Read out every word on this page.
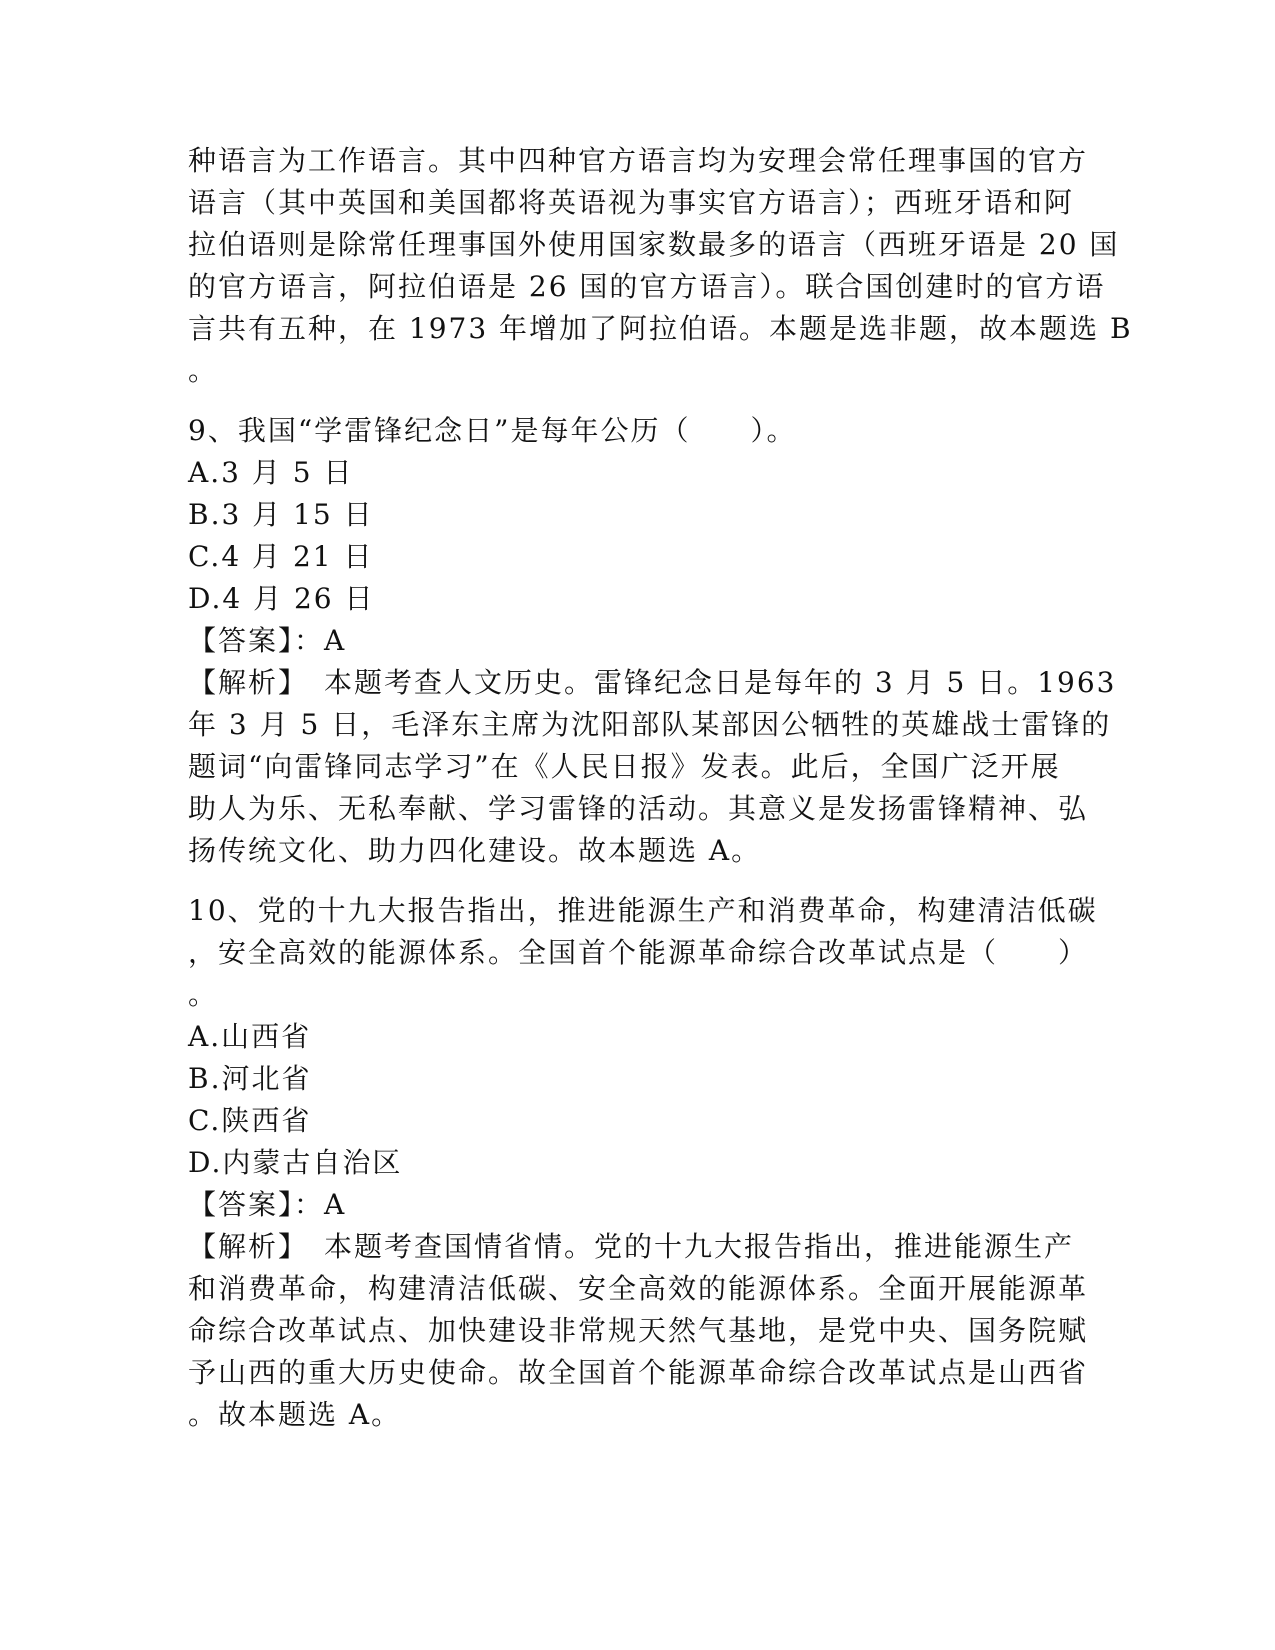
种语言为工作语言。其中四种官方语言均为安理会常任理事国的官方
语言（其中英国和美国都将英语视为事实官方语言）；西班牙语和阿
拉伯语则是除常任理事国外使用国家数最多的语言（西班牙语是 20 国
的官方语言，阿拉伯语是 26 国的官方语言）。联合国创建时的官方语
言共有五种，在 1973 年增加了阿拉伯语。本题是选非题，故本题选 B
。
9、我国“学雷锋纪念日”是每年公历（　　）。
A.3 月 5 日
B.3 月 15 日
C.4 月 21 日
D.4 月 26 日
【答案】：A
【解析】　本题考查人文历史。雷锋纪念日是每年的 3 月 5 日。1963
年 3 月 5 日，毛泽东主席为沈阳部队某部因公牺牲的英雄战士雷锋的
题词“向雷锋同志学习”在《人民日报》发表。此后，全国广泛开展
助人为乐、无私奉献、学习雷锋的活动。其意义是发扬雷锋精神、弘
扬传统文化、助力四化建设。故本题选 A。
10、党的十九大报告指出，推进能源生产和消费革命，构建清洁低碳
，安全高效的能源体系。全国首个能源革命综合改革试点是（　　）
。
A.山西省
B.河北省
C.陕西省
D.内蒙古自治区
【答案】：A
【解析】　本题考查国情省情。党的十九大报告指出，推进能源生产
和消费革命，构建清洁低碳、安全高效的能源体系。全面开展能源革
命综合改革试点、加快建设非常规天然气基地，是党中央、国务院赋
予山西的重大历史使命。故全国首个能源革命综合改革试点是山西省
。故本题选 A。
